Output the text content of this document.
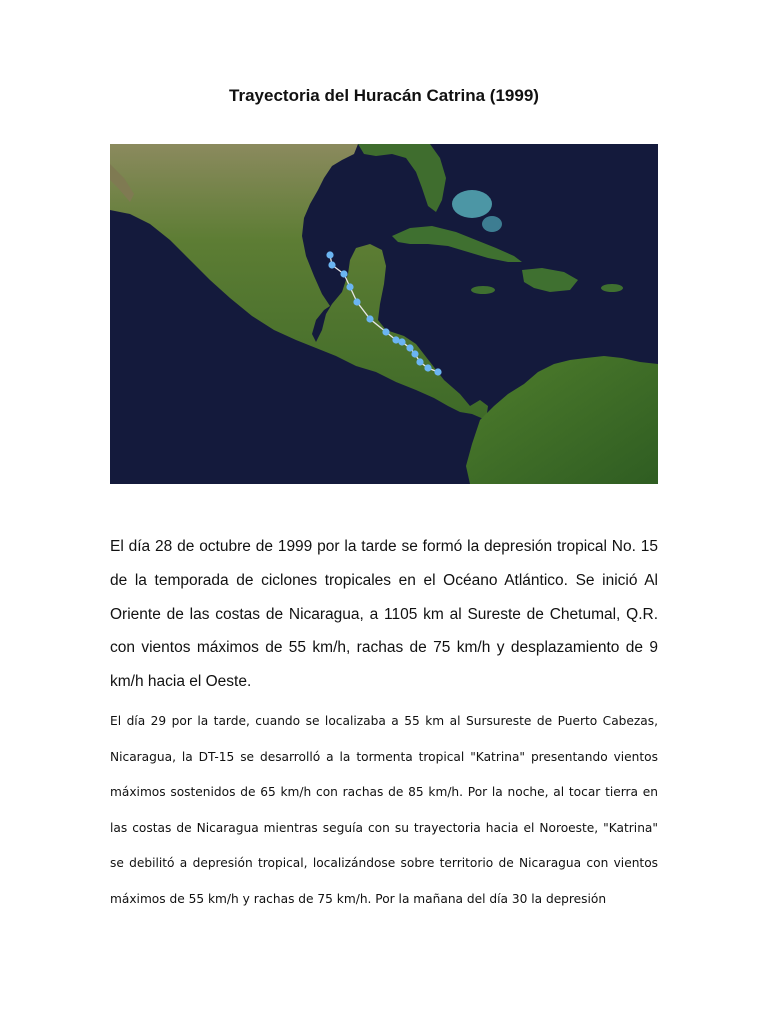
Trayectoria del Huracán Catrina (1999)

El día 28 de octubre de 1999 por la tarde se formó la depresión tropical No. 15 de la temporada de ciclones tropicales en el Océano Atlántico. Se inició Al Oriente de las costas de Nicaragua, a 1105 km al Sureste de Chetumal, Q.R. con vientos máximos de 55 km/h, rachas de 75 km/h y desplazamiento de 9 km/h hacia el Oeste.

El día 29 por la tarde, cuando se localizaba a 55 km al Sursureste de Puerto Cabezas, Nicaragua, la DT-15 se desarrolló a la tormenta tropical "Katrina" presentando vientos máximos sostenidos de 65 km/h con rachas de 85 km/h. Por la noche, al tocar tierra en las costas de Nicaragua mientras seguía con su trayectoria hacia el Noroeste, "Katrina" se debilitó a depresión tropical, localizándose sobre territorio de Nicaragua con vientos máximos de 55 km/h y rachas de 75 km/h. Por la mañana del día 30 la depresión
